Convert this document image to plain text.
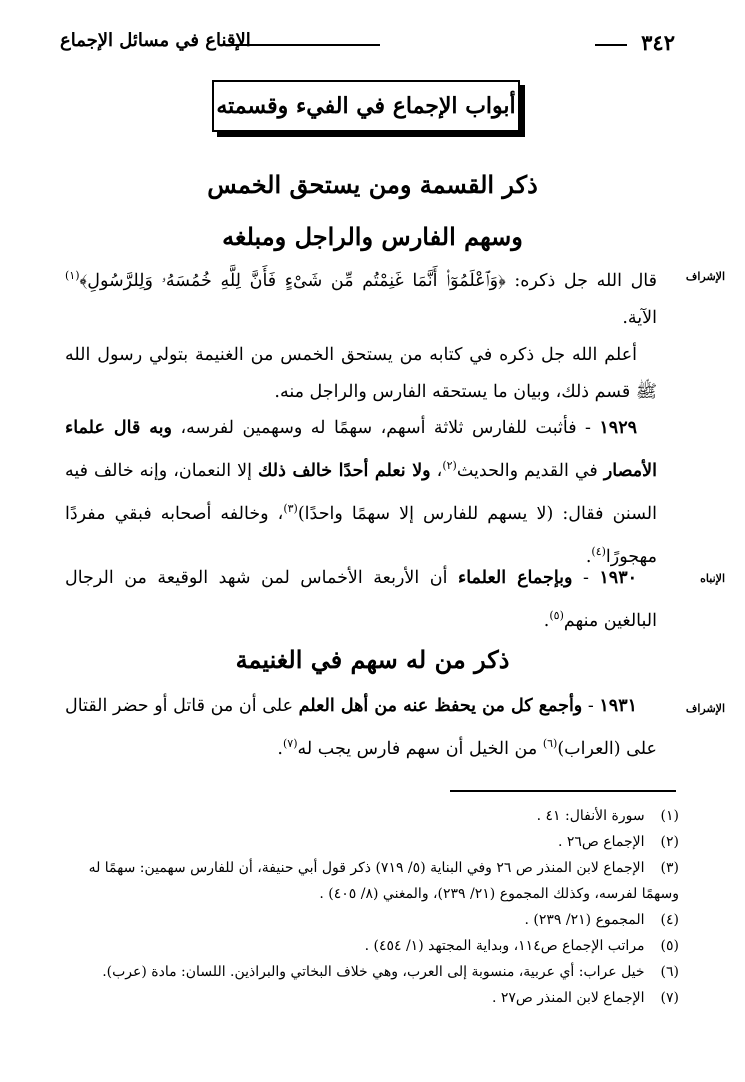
٣٤٢
الإقناع في مسائل الإجماع
أبواب الإجماع في الفيء وقسمته
ذكر القسمة ومن يستحق الخمس
وسهم الفارس والراجل ومبلغه
الإشراف
قال الله جل ذكره: ﴿وَٱعْلَمُوٓا۟ أَنَّمَا غَنِمْتُم مِّن شَىْءٍ فَأَنَّ لِلَّهِ خُمُسَهُۥ وَلِلرَّسُولِ﴾$^{(١)}$ الآية.
أعلم الله جل ذكره في كتابه من يستحق الخمس من الغنيمة بتولي رسول الله ﷺ قسم ذلك، وبيان ما يستحقه الفارس والراجل منه.
١٩٢٩ - فأثبت للفارس ثلاثة أسهم، سهمًا له وسهمين لفرسه، وبه قال علماء الأمصار في القديم والحديث$^{(٢)}$، ولا نعلم أحدًا خالف ذلك إلا النعمان، وإنه خالف فيه السنن فقال: (لا يسهم للفارس إلا سهمًا واحدًا)$^{(٣)}$، وخالفه أصحابه فبقي مفردًا مهجورًا$^{(٤)}$.
الإنباه
١٩٣٠ - وبإجماع العلماء أن الأربعة الأخماس لمن شهد الوقيعة من الرجال البالغين منهم$^{(٥)}$.
ذكر من له سهم في الغنيمة
الإشراف
١٩٣١ - وأجمع كل من يحفظ عنه من أهل العلم على أن من قاتل أو حضر القتال على (العراب)$^{(٦)}$ من الخيل أن سهم فارس يجب له$^{(٧)}$.
(١) سورة الأنفال: ٤١ .
(٢) الإجماع ص٢٦ .
(٣) الإجماع لابن المنذر ص ٢٦ وفي البناية (٥/ ٧١٩) ذكر قول أبي حنيفة، أن للفارس سهمين: سهمًا له وسهمًا لفرسه، وكذلك المجموع (٢١/ ٢٣٩)، والمغني (٨/ ٤٠٥) .
(٤) المجموع (٢١/ ٢٣٩) .
(٥) مراتب الإجماع ص١١٤، وبداية المجتهد (١/ ٤٥٤) .
(٦) خيل عراب: أي عربية، منسوبة إلى العرب، وهي خلاف البخاتي والبراذين. اللسان: مادة (عرب).
(٧) الإجماع لابن المنذر ص٢٧ .
